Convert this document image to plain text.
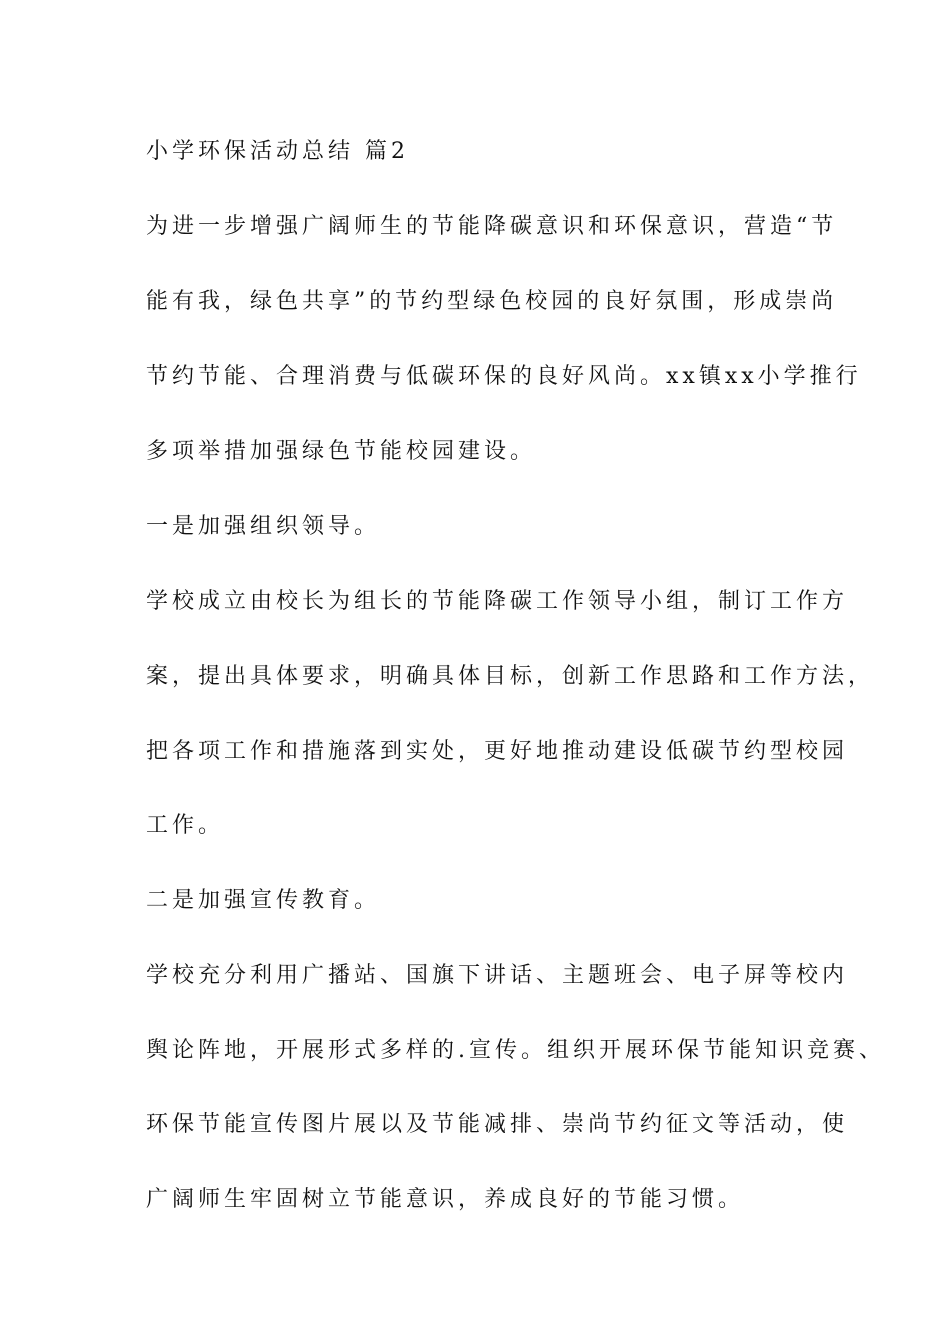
小学环保活动总结 篇2
为进一步增强广阔师生的节能降碳意识和环保意识，营造“节
能有我，绿色共享”的节约型绿色校园的良好氛围，形成崇尚
节约节能、合理消费与低碳环保的良好风尚。xx镇xx小学推行
多项举措加强绿色节能校园建设。
一是加强组织领导。
学校成立由校长为组长的节能降碳工作领导小组，制订工作方
案，提出具体要求，明确具体目标，创新工作思路和工作方法，
把各项工作和措施落到实处，更好地推动建设低碳节约型校园
工作。
二是加强宣传教育。
学校充分利用广播站、国旗下讲话、主题班会、电子屏等校内
舆论阵地，开展形式多样的.宣传。组织开展环保节能知识竞赛、
环保节能宣传图片展以及节能减排、崇尚节约征文等活动，使
广阔师生牢固树立节能意识，养成良好的节能习惯。
